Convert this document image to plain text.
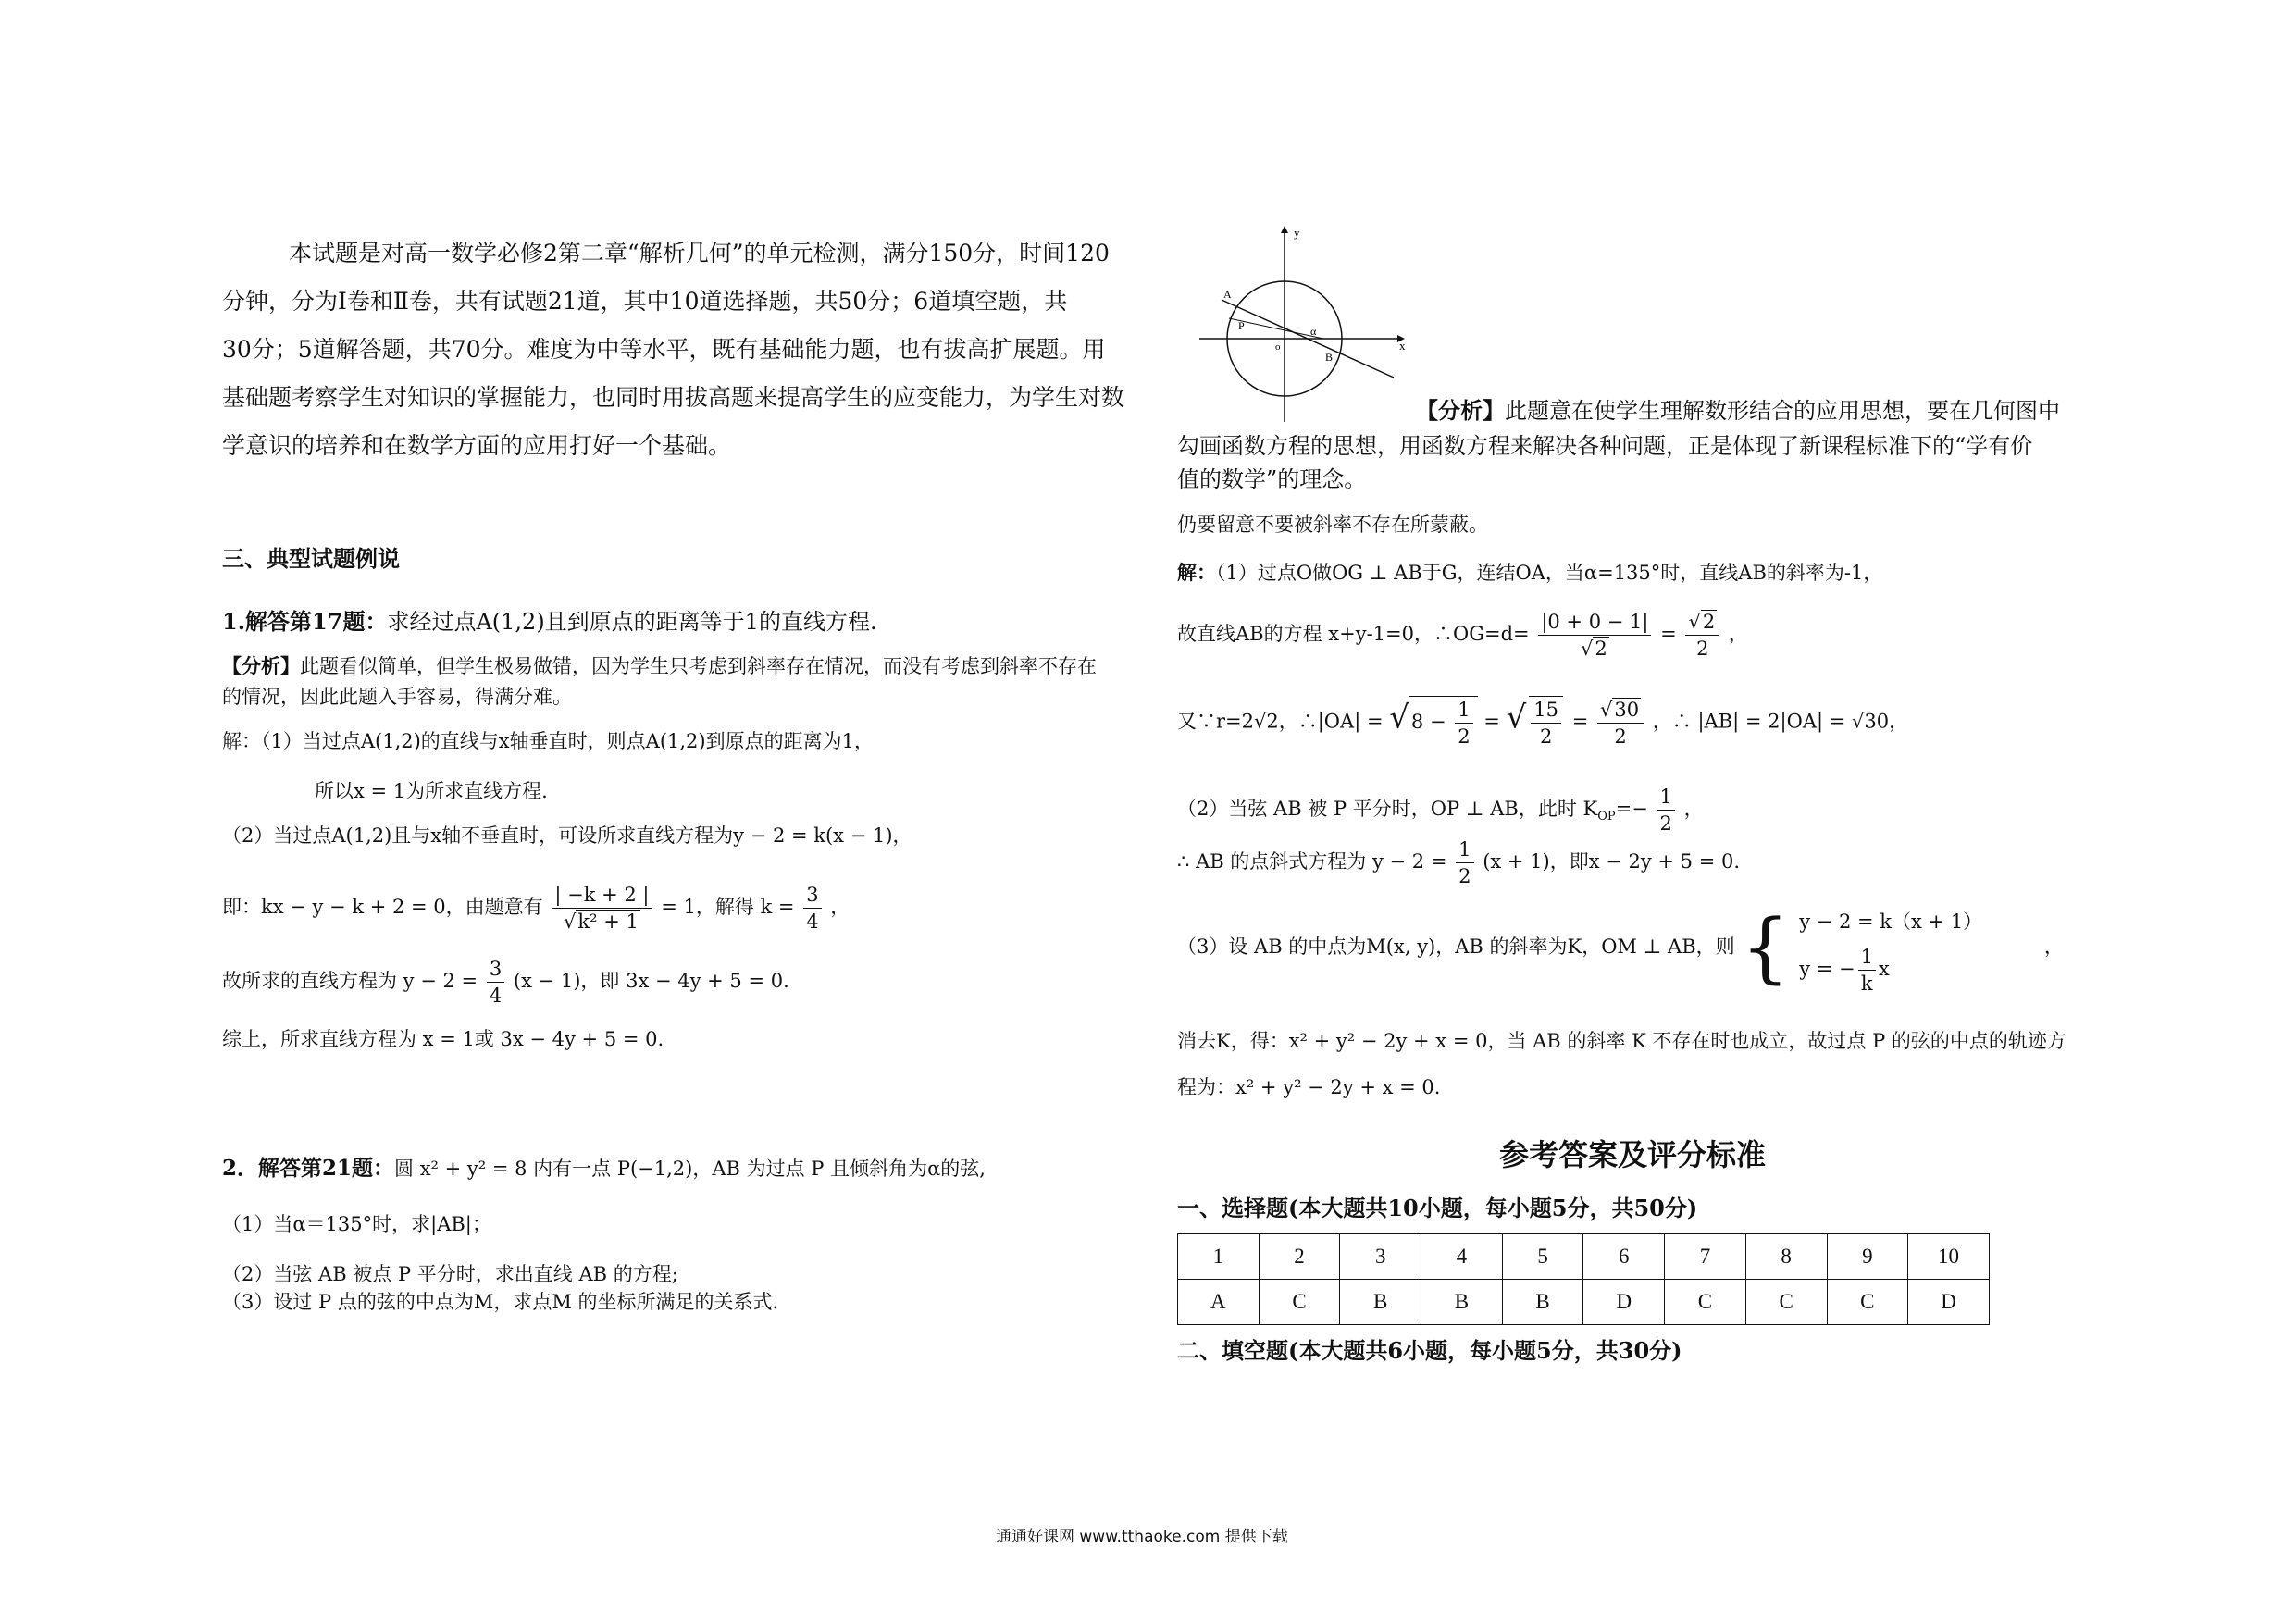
本试题是对高一数学必修2第二章“解析几何”的单元检测，满分150分，时间120
分钟，分为Ⅰ卷和Ⅱ卷，共有试题21道，其中10道选择题，共50分；6道填空题，共
30分；5道解答题，共70分。难度为中等水平，既有基础能力题，也有拔高扩展题。用
基础题考察学生对知识的掌握能力，也同时用拔高题来提高学生的应变能力，为学生对数
学意识的培养和在数学方面的应用打好一个基础。
三、典型试题例说
1.解答第17题：求经过点A(1,2)且到原点的距离等于1的直线方程.
【分析】此题看似简单，但学生极易做错，因为学生只考虑到斜率存在情况，而没有考虑到斜率不存在
的情况，因此此题入手容易，得满分难。
解：（1）当过点A(1,2)的直线与x轴垂直时，则点A(1,2)到原点的距离为1，
所以x = 1为所求直线方程.
（2）当过点A(1,2)且与x轴不垂直时，可设所求直线方程为y − 2 = k(x − 1)，
即：kx − y − k + 2 = 0，由题意有 $\frac{| -k + 2 |}{\text{√k² + 1}} = 1$，解得 $k = \frac{3}{4}$ ，
故所求的直线方程为 $y - 2 = \frac{3}{4} (x - 1)$，即 3x − 4y + 5 = 0.
综上，所求直线方程为 x = 1或 3x − 4y + 5 = 0.
2．解答第21题：圆 x² + y² = 8 内有一点 P(−1,2)，AB 为过点 P 且倾斜角为α的弦,
（1）当α＝135°时，求|AB|；
（2）当弦 AB 被点 P 平分时，求出直线 AB 的方程;
（3）设过 P 点的弦的中点为M，求点M 的坐标所满足的关系式.
y
x
A
P
o
α
B
【分析】此题意在使学生理解数形结合的应用思想，要在几何图中
勾画函数方程的思想，用函数方程来解决各种问题，正是体现了新课程标准下的“学有价
值的数学”的理念。
仍要留意不要被斜率不存在所蒙蔽。
解：（1）过点O做OG ⊥ AB于G，连结OA，当α=135°时，直线AB的斜率为-1，
故直线AB的方程 x+y-1=0，∴OG=d= $\frac{|0 + 0 - 1|}{√2} = \frac{√2}{2}$ ，
又∵r=2√2，∴|OA| = $√8 - \frac{1}{2}$ = √ $\frac{15}{2} = \frac{√30}{2}$ ，∴ |AB| = 2|OA| = √30，
（2）当弦 AB 被 P 平分时，OP ⊥ AB，此时 $K_{OP}=- \frac{1}{2}$ ，
∴ AB 的点斜式方程为 $y - 2 = \frac{1}{2} (x + 1)$，即x − 2y + 5 = 0.
（3）设 AB 的中点为M(x, y)，AB 的斜率为K，OM ⊥ AB，则 { y − 2 = k（x + 1）
y = − $\frac{1}{k}$ x
，
消去K，得：x² + y² − 2y + x = 0，当 AB 的斜率 K 不存在时也成立，故过点 P 的弦的中点的轨迹方
程为：x² + y² − 2y + x = 0.
参考答案及评分标准
一、选择题(本大题共10小题，每小题5分，共50分)
1	2	3	4	5	6	7	8	9	10
A	C	B	B	B	D	C	C	C	D
二、填空题(本大题共6小题，每小题5分，共30分)
通通好课网 www.tthaoke.com 提供下载
